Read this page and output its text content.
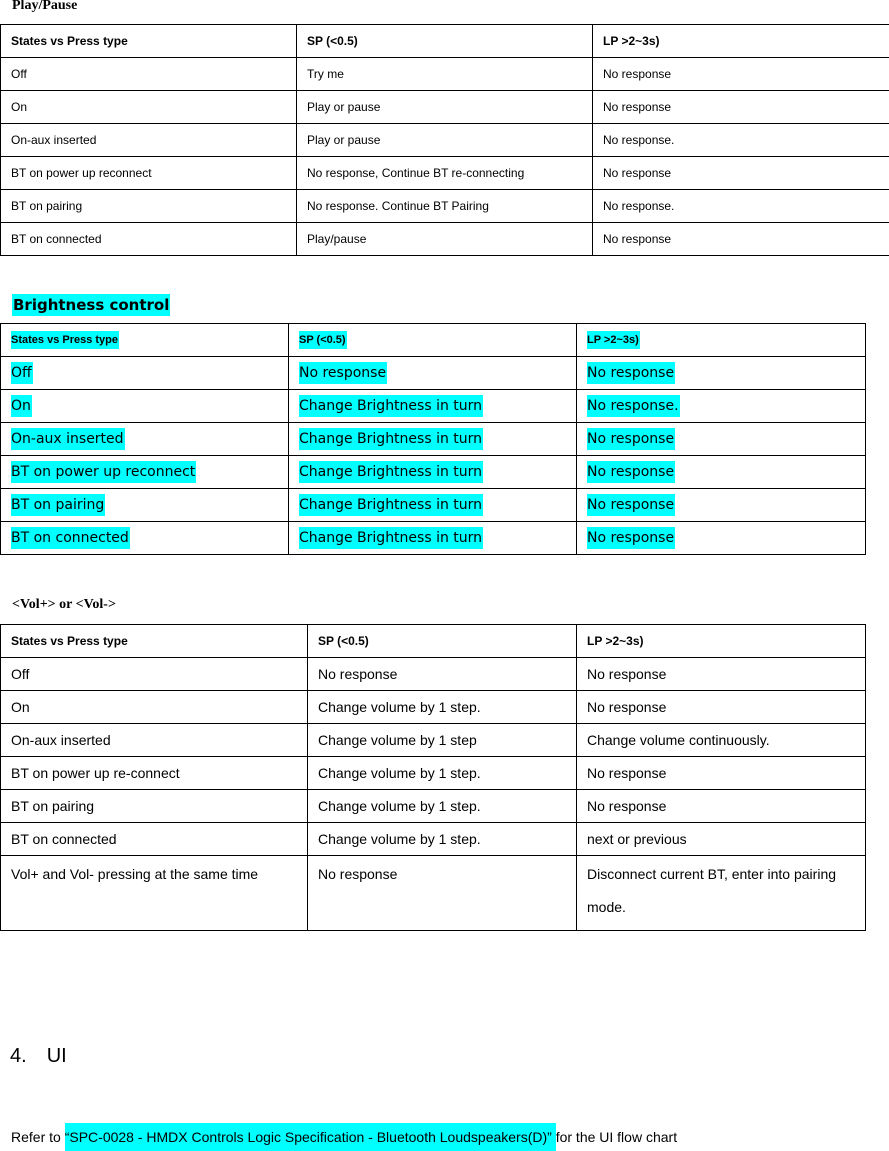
Play/Pause
States vs Press type	SP (<0.5)	LP >2~3s)
Off	Try me	No response
On	Play or pause	No response
On-aux inserted	Play or pause	No response.
BT on power up reconnect	No response, Continue BT re-connecting	No response
BT on pairing	No response. Continue BT Pairing	No response.
BT on connected	Play/pause	No response
Brightness control
States vs Press type	SP (<0.5)	LP >2~3s)
Off	No response	No response
On	Change Brightness in turn	No response.
On-aux inserted	Change Brightness in turn	No response
BT on power up reconnect	Change Brightness in turn	No response
BT on pairing	Change Brightness in turn	No response
BT on connected	Change Brightness in turn	No response
<Vol+> or <Vol->
States vs Press type	SP (<0.5)	LP >2~3s)
Off	No response	No response
On	Change volume by 1 step.	No response
On-aux inserted	Change volume by 1 step	Change volume continuously.
BT on power up re-connect	Change volume by 1 step.	No response
BT on pairing	Change volume by 1 step.	No response
BT on connected	Change volume by 1 step.	next or previous
Vol+ and Vol- pressing at the same time	No response	Disconnect current BT, enter into pairing mode.
4. UI
Refer to “SPC-0028 - HMDX Controls Logic Specification - Bluetooth Loudspeakers(D)” for the UI flow chart
